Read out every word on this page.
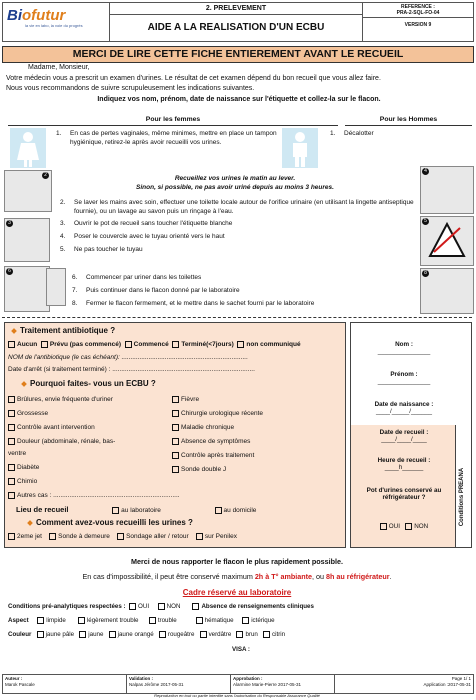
Biofutur
la vie en labo, la voie du progrès
2. PRELEVEMENT
AIDE A LA REALISATION D'UN ECBU
REFERENCE :
PRA-2-SQL-FO-04
VERSION 9
MERCI DE LIRE CETTE FICHE ENTIEREMENT AVANT LE RECUEIL

Madame, Monsieur,

Votre médecin vous a prescrit un examen d'urines. Le résultat de cet examen dépend du bon recueil que vous allez faire.

Nous vous recommandons de suivre scrupuleusement les indications suivantes.

Indiquez vos nom, prénom, date de naissance sur l'étiquette et collez-la sur le flacon.

Pour les femmes	Pour les Hommes
1. En cas de pertes vaginales, même minimes, mettre en place un tampon hygiénique, retirez-le après avoir recueilli vos urines.
1. Décalotter
Recueillez vos urines le matin au lever.
Sinon, si possible, ne pas avoir uriné depuis au moins 3 heures.
2
3
6
4
5
8
2. Se laver les mains avec soin, effectuer une toilette locale autour de l'orifice urinaire (en utilisant la lingette antiseptique fournie), ou un lavage au savon puis un rinçage à l'eau.
3. Ouvrir le pot de recueil sans toucher l'étiquette blanche
4. Poser le couvercle avec le tuyau orienté vers le haut
5. Ne pas toucher le tuyau
6. Commencer par uriner dans les toilettes
7. Puis continuer dans le flacon donné par le laboratoire
8. Fermer le flacon fermement, et le mettre dans le sachet fourni par le laboratoire
Traitement antibiotique ?
Aucun Prévu (pas commencé) Commencé Terminé(<7jours) non communiqué
NOM de l'antibiotique (le cas échéant): ......................................................................
Date d'arrêt (si traitement terminé) : ...............................................................................
Pourquoi faites- vous un ECBU ?
Brûlures, envie fréquente d'uriner
Grossesse
Contrôle avant intervention
Douleur (abdominale, rénale, bas-
ventre
Diabète
Chimio
Autres cas : ......................................................................
Fièvre
Chirurgie urologique récente
Maladie chronique
Absence de symptômes
Contrôle après traitement
Sonde double J
Lieu de recueil	au laboratoire	au domicile
Comment avez-vous recueilli les urines ?
2eme jet Sonde à demeure Sondage aller / retour sur Penilex
Nom :
_______________
Prénom :
_______________
Date de naissance :
____/_____/______
Date de recueil :
____/____/____
Heure de recueil :
____h______
Pot d'urines conservé au réfrigérateur ?
OUI NON
Conditions PREANA
Merci de nous rapporter le flacon le plus rapidement possible.
En cas d'impossibilité, il peut être conservé maximum 2h à T° ambiante, ou 8h au réfrigérateur.
Cadre réservé au laboratoire
Conditions pré-analytiques respectées : OUI	NON	Absence de renseignements cliniques
Aspect	limpide	légèrement trouble	trouble	hématique	ictérique
Couleur jaune pâle jaune jaune orangé rougeâtre verdâtre brun citrin
VISA :
Auteur :
Marok Pascale
Validation :
Nalpas Jérôme 2017-05-31
Approbation :
Alarmine Marie-Pierre 2017-05-31
Page 1/ 1
Application :2017-05-31
Reproduction en tout ou partie interdite sans l'autorisation du Responsable Assurance Qualité
